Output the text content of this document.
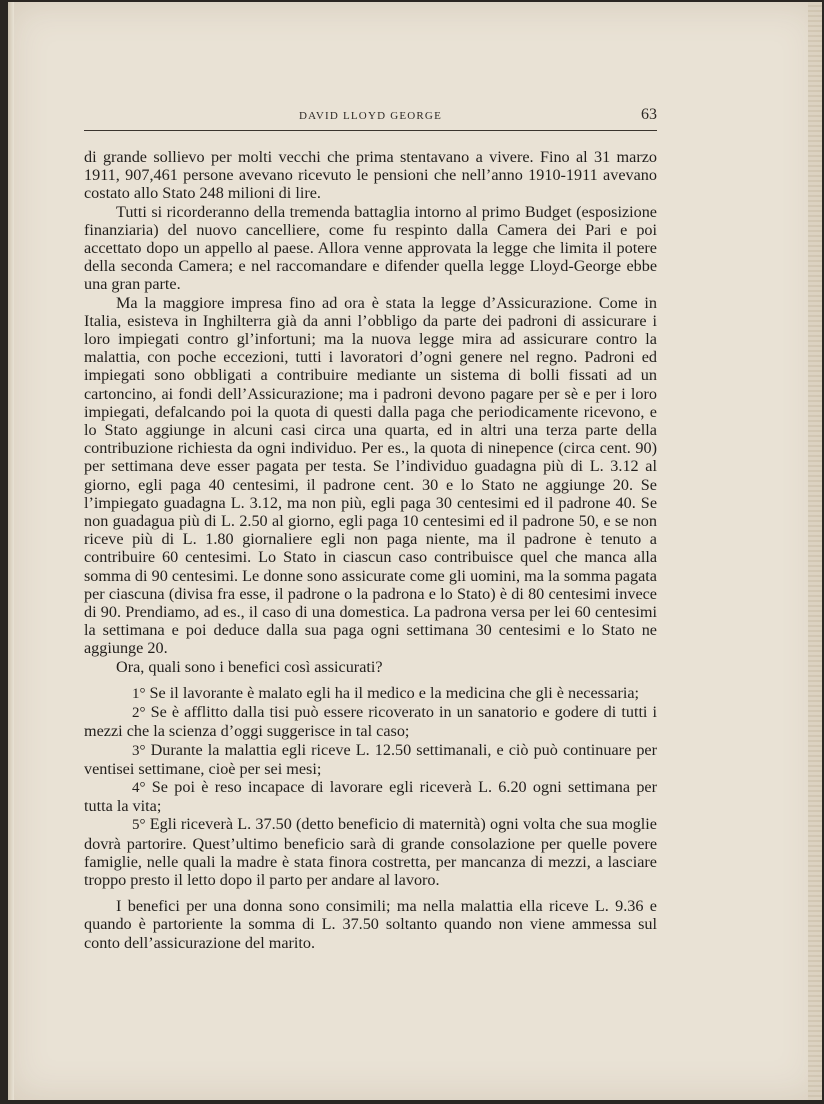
DAVID LLOYD GEORGE	63

di grande sollievo per molti vecchi che prima stentavano a vivere. Fino al 31 marzo 1911, 907,461 persone avevano ricevuto le pensioni che nell’anno 1910-1911 avevano costato allo Stato 248 milioni di lire.

Tutti si ricorderanno della tremenda battaglia intorno al primo Budget (esposizione finanziaria) del nuovo cancelliere, come fu respinto dalla Camera dei Pari e poi accettato dopo un appello al paese. Allora venne approvata la legge che limita il potere della seconda Camera; e nel raccomandare e difender quella legge Lloyd-George ebbe una gran parte.

Ma la maggiore impresa fino ad ora è stata la legge d’Assicurazione. Come in Italia, esisteva in Inghilterra già da anni l’obbligo da parte dei padroni di assicurare i loro impiegati contro gl’infortuni; ma la nuova legge mira ad assicurare contro la malattia, con poche eccezioni, tutti i lavoratori d’ogni genere nel regno. Padroni ed impiegati sono obbligati a contribuire mediante un sistema di bolli fissati ad un cartoncino, ai fondi dell’Assicurazione; ma i padroni devono pagare per sè e per i loro impiegati, defalcando poi la quota di questi dalla paga che periodicamente ricevono, e lo Stato aggiunge in alcuni casi circa una quarta, ed in altri una terza parte della contribuzione richiesta da ogni individuo. Per es., la quota di ninepence (circa cent. 90) per settimana deve esser pagata per testa. Se l’individuo guadagna più di L. 3.12 al giorno, egli paga 40 centesimi, il padrone cent. 30 e lo Stato ne aggiunge 20. Se l’impiegato guadagna L. 3.12, ma non più, egli paga 30 centesimi ed il padrone 40. Se non guadagua più di L. 2.50 al giorno, egli paga 10 centesimi ed il padrone 50, e se non riceve più di L. 1.80 giornaliere egli non paga niente, ma il padrone è tenuto a contribuire 60 centesimi. Lo Stato in ciascun caso contribuisce quel che manca alla somma di 90 centesimi. Le donne sono assicurate come gli uomini, ma la somma pagata per ciascuna (divisa fra esse, il padrone o la padrona e lo Stato) è di 80 centesimi invece di 90. Prendiamo, ad es., il caso di una domestica. La padrona versa per lei 60 centesimi la settimana e poi deduce dalla sua paga ogni settimana 30 centesimi e lo Stato ne aggiunge 20.

Ora, quali sono i benefici così assicurati?

1° Se il lavorante è malato egli ha il medico e la medicina che gli è necessaria;

2° Se è afflitto dalla tisi può essere ricoverato in un sanatorio e godere di tutti i mezzi che la scienza d’oggi suggerisce in tal caso;

3° Durante la malattia egli riceve L. 12.50 settimanali, e ciò può continuare per ventisei settimane, cioè per sei mesi;

4° Se poi è reso incapace di lavorare egli riceverà L. 6.20 ogni settimana per tutta la vita;

5° Egli riceverà L. 37.50 (detto beneficio di maternità) ogni volta che sua moglie dovrà partorire. Quest’ultimo beneficio sarà di grande consolazione per quelle povere famiglie, nelle quali la madre è stata finora costretta, per mancanza di mezzi, a lasciare troppo presto il letto dopo il parto per andare al lavoro.

I benefici per una donna sono consimili; ma nella malattia ella riceve L. 9.36 e quando è partoriente la somma di L. 37.50 soltanto quando non viene ammessa sul conto dell’assicurazione del marito.
